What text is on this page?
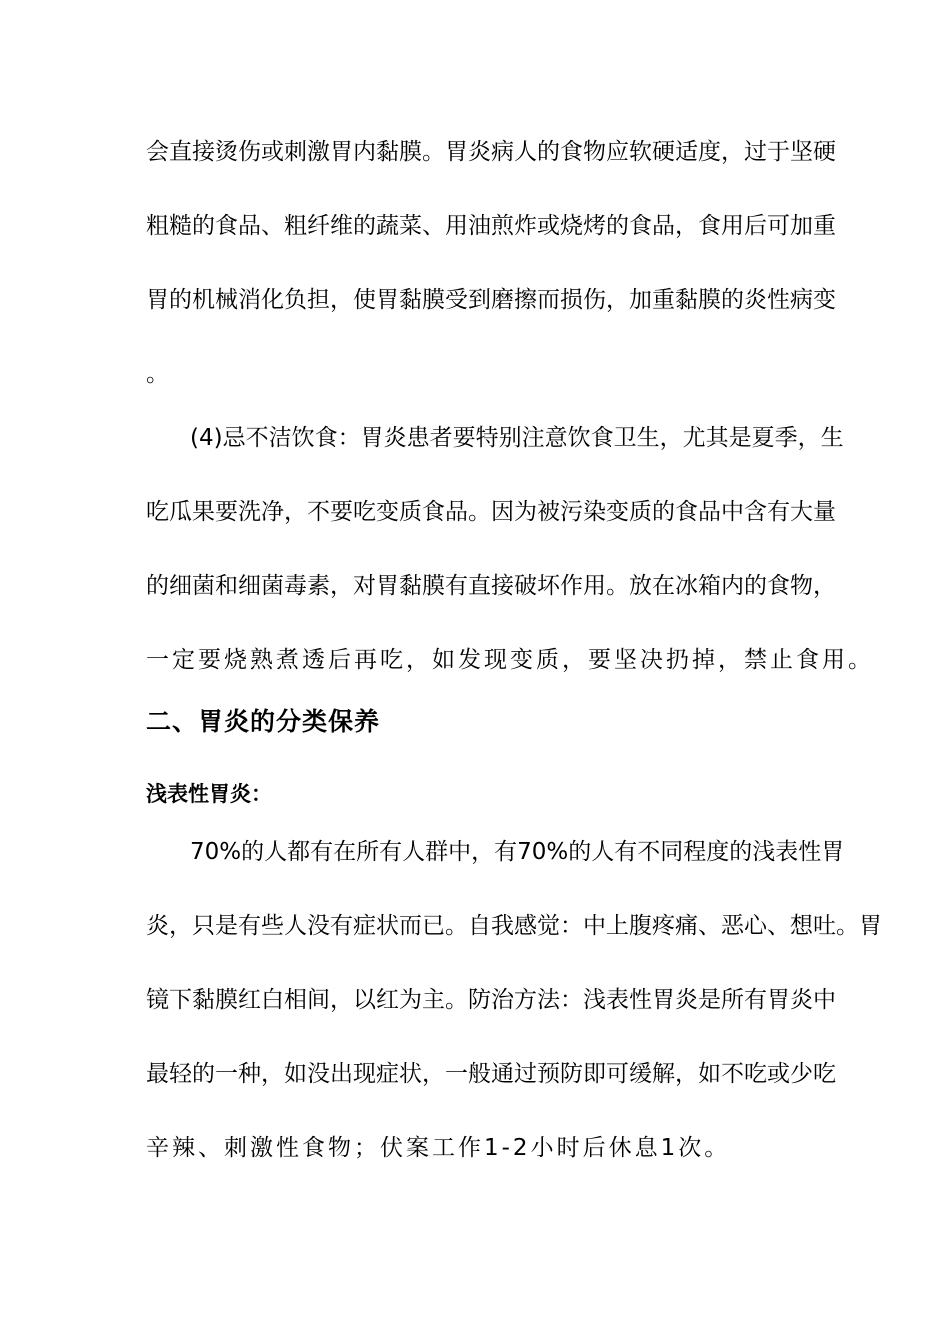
会直接烫伤或刺激胃内黏膜。胃炎病人的食物应软硬适度，过于坚硬
粗糙的食品、粗纤维的蔬菜、用油煎炸或烧烤的食品，食用后可加重
胃的机械消化负担，使胃黏膜受到磨擦而损伤，加重黏膜的炎性病变
。
(4)忌不洁饮食：胃炎患者要特别注意饮食卫生，尤其是夏季，生
吃瓜果要洗净，不要吃变质食品。因为被污染变质的食品中含有大量
的细菌和细菌毒素，对胃黏膜有直接破坏作用。放在冰箱内的食物，
一定要烧熟煮透后再吃，如发现变质，要坚决扔掉，禁止食用。
二、胃炎的分类保养
浅表性胃炎：
70%的人都有在所有人群中，有70%的人有不同程度的浅表性胃
炎，只是有些人没有症状而已。自我感觉：中上腹疼痛、恶心、想吐。胃
镜下黏膜红白相间，以红为主。防治方法：浅表性胃炎是所有胃炎中
最轻的一种，如没出现症状，一般通过预防即可缓解，如不吃或少吃
辛辣、刺激性食物；伏案工作1-2小时后休息1次。
